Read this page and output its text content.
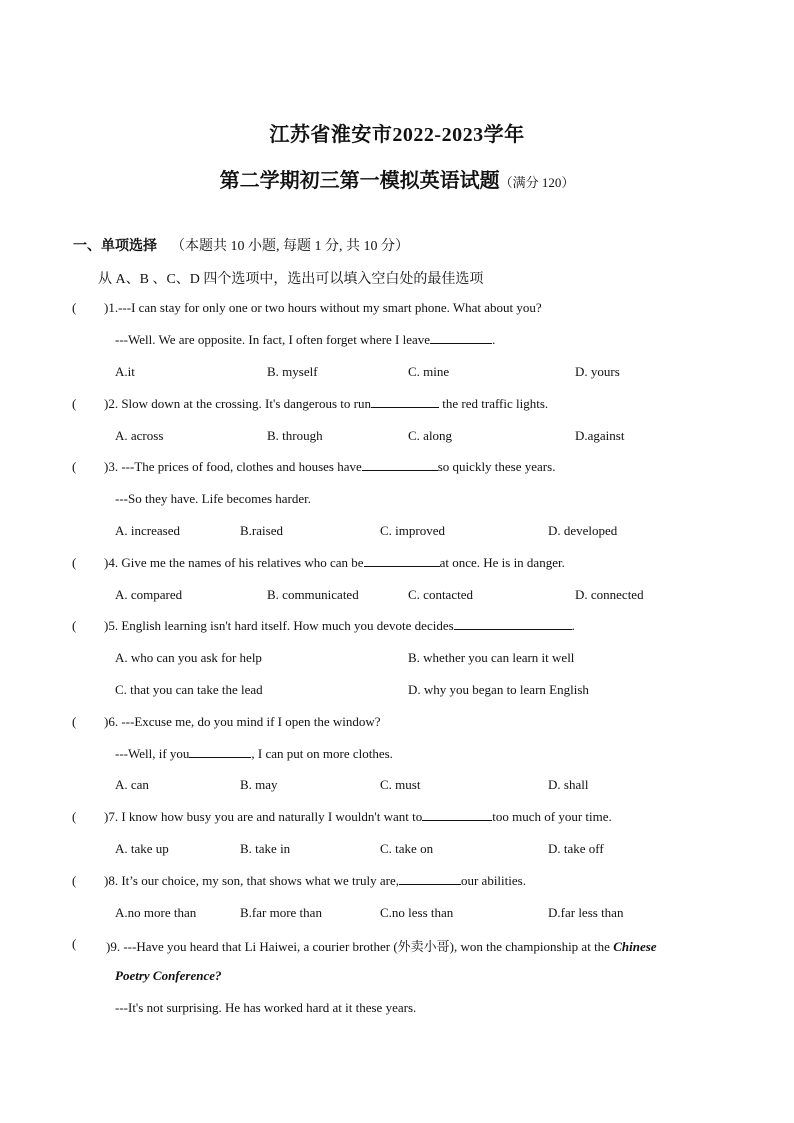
江苏省淮安市2022-2023学年
第二学期初三第一模拟英语试题（满分 120）
一、单项选择 （本题共 10 小题, 每题 1 分, 共 10 分）
从 A、B 、C、D 四个选项中，选出可以填入空白处的最佳选项
( )1.---I can stay for only one or two hours without my smart phone. What about you?
---Well. We are opposite. In fact, I often forget where I leave	.
A.it	B. myself	C. mine	D. yours
( )2. Slow down at the crossing. It's dangerous to run	the red traffic lights.
A. across	B. through	C. along	D.against
( )3. ---The prices of food, clothes and houses have	so quickly these years.
---So they have. Life becomes harder.
A. increased	B.raised	C. improved	D. developed
( )4. Give me the names of his relatives who can be	at once. He is in danger.
A. compared	B. communicated	C. contacted	D. connected
( )5. English learning isn't hard itself. How much you devote decides	.
A. who can you ask for help	B. whether you can learn it well
C. that you can take the lead	D. why you began to learn English
( )6. ---Excuse me, do you mind if I open the window?
---Well, if you	, I can put on more clothes.
A. can	B. may	C. must	D. shall
( )7. I know how busy you are and naturally I wouldn't want to	too much of your time.
A. take up	B. take in	C. take on	D. take off
( )8. It’s our choice, my son, that shows what we truly are,	our abilities.
A.no more than	B.far more than	C.no less than	D.far less than
( )9. ---Have you heard that Li Haiwei, a courier brother (外卖小哥), won the championship at the Chinese
Poetry Conference?
---It's not surprising. He has worked hard at it these years.
